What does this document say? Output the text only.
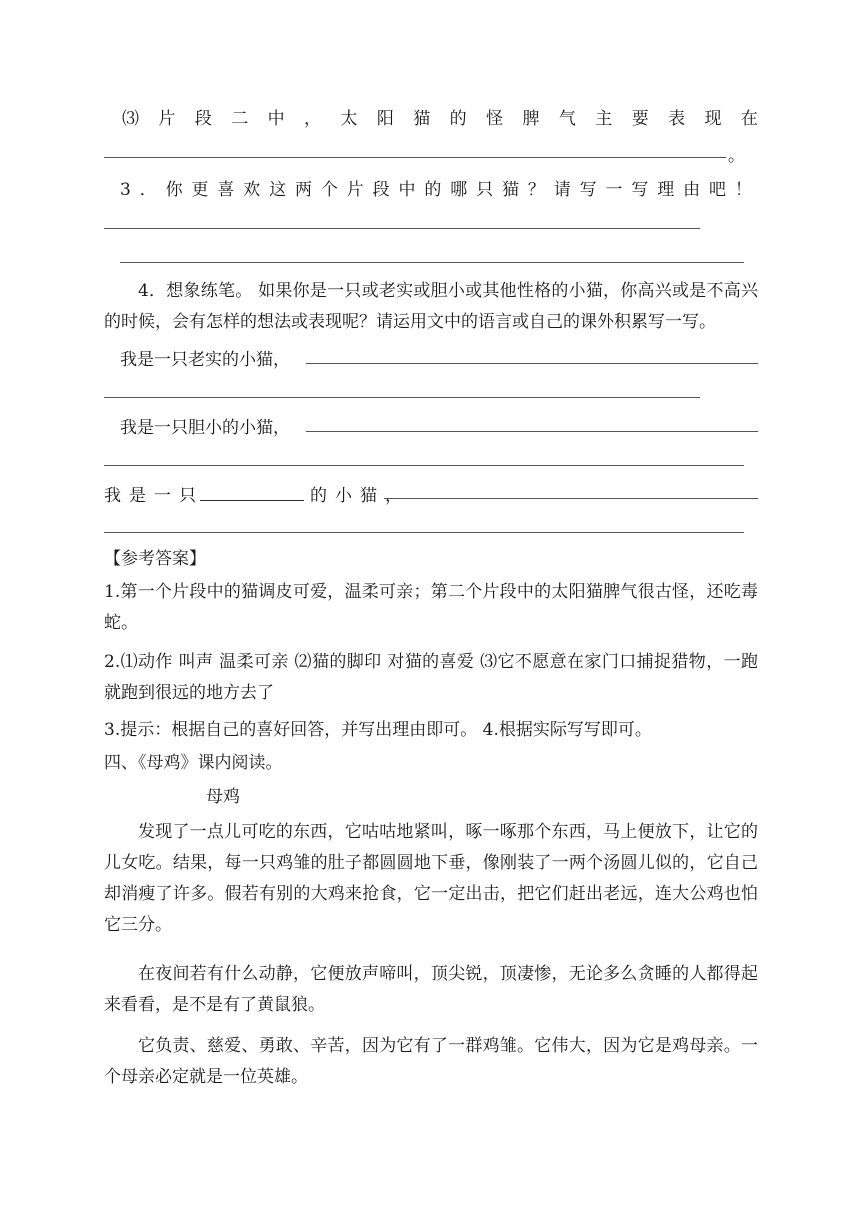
⑶ 片 段 二 中 ， 太 阳 猫 的 怪 脾 气 主 要 表 现 在
。
3 ． 你 更 喜 欢 这 两 个 片 段 中 的 哪 只 猫 ？ 请 写 一 写 理 由 吧 ！
4．想象练笔。 如果你是一只或老实或胆小或其他性格的小猫，你高兴或是不高兴的时候，会有怎样的想法或表现呢？请运用文中的语言或自己的课外积累写一写。
我是一只老实的小猫，
我是一只胆小的小猫，
我 是 一 只	的 小 猫 ，
【参考答案】
1.第一个片段中的猫调皮可爱，温柔可亲；第二个片段中的太阳猫脾气很古怪，还吃毒蛇。
2.⑴动作 叫声 温柔可亲 ⑵猫的脚印 对猫的喜爱 ⑶它不愿意在家门口捕捉猎物，一跑就跑到很远的地方去了
3.提示：根据自己的喜好回答，并写出理由即可。 4.根据实际写写即可。
四、《母鸡》课内阅读。
母鸡
发现了一点儿可吃的东西，它咕咕地紧叫，啄一啄那个东西，马上便放下，让它的儿女吃。结果，每一只鸡雏的肚子都圆圆地下垂，像刚装了一两个汤圆儿似的，它自己却消瘦了许多。假若有别的大鸡来抢食，它一定出击，把它们赶出老远，连大公鸡也怕它三分。
在夜间若有什么动静，它便放声啼叫，顶尖锐，顶凄惨，无论多么贪睡的人都得起来看看，是不是有了黄鼠狼。
它负责、慈爱、勇敢、辛苦，因为它有了一群鸡雏。它伟大，因为它是鸡母亲。一个母亲必定就是一位英雄。
